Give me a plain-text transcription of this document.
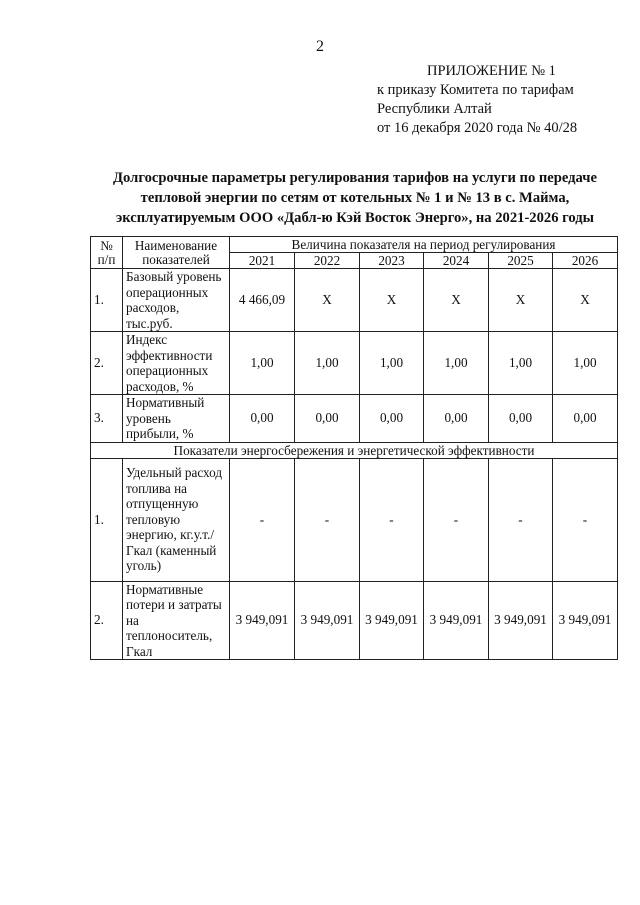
2
ПРИЛОЖЕНИЕ № 1
к приказу Комитета по тарифам
Республики Алтай
от 16 декабря 2020 года № 40/28
Долгосрочные параметры регулирования тарифов на услуги по передаче тепловой энергии по сетям от котельных № 1 и № 13 в с. Майма, эксплуатируемым ООО «Дабл-ю Кэй Восток Энерго», на 2021-2026 годы
№ п/п	Наименование показателей	Величина показателя на период регулирования					
		2021	2022	2023	2024	2025	2026
1.	Базовый уровень операционных расходов, тыс.руб.	4 466,09	X	X	X	X	X
2.	Индекс эффективности операционных расходов, %	1,00	1,00	1,00	1,00	1,00	1,00
3.	Нормативный уровень прибыли, %	0,00	0,00	0,00	0,00	0,00	0,00
Показатели энергосбережения и энергетической эффективности							
1.	Удельный расход топлива на отпущенную тепловую энергию, кг.у.т./Гкал (каменный уголь)	-	-	-	-	-	-
2.	Нормативные потери и затраты на теплоноситель, Гкал	3 949,091	3 949,091	3 949,091	3 949,091	3 949,091	3 949,091
